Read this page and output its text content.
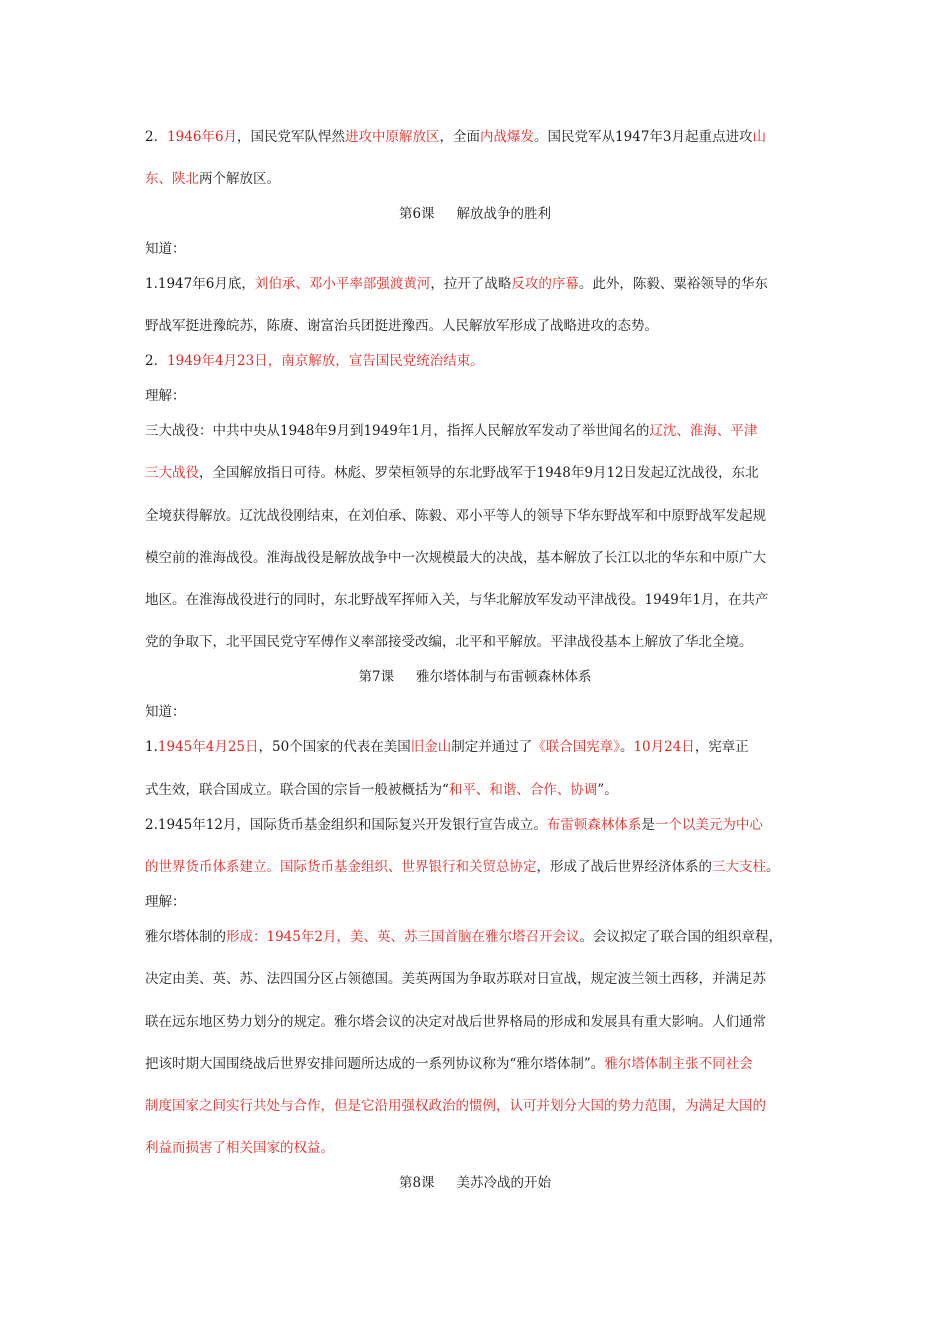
2．1946年6月，国民党军队悍然进攻中原解放区，全面内战爆发。国民党军从1947年3月起重点进攻山
东、陕北两个解放区。
第6课 解放战争的胜利
知道：
1.1947年6月底，刘伯承、邓小平率部强渡黄河，拉开了战略反攻的序幕。此外，陈毅、粟裕领导的华东
野战军挺进豫皖苏，陈赓、谢富治兵团挺进豫西。人民解放军形成了战略进攻的态势。
2．1949年4月23日，南京解放，宣告国民党统治结束。
理解：
三大战役：中共中央从1948年9月到1949年1月，指挥人民解放军发动了举世闻名的辽沈、淮海、平津
三大战役，全国解放指日可待。林彪、罗荣桓领导的东北野战军于1948年9月12日发起辽沈战役，东北
全境获得解放。辽沈战役刚结束，在刘伯承、陈毅、邓小平等人的领导下华东野战军和中原野战军发起规
模空前的淮海战役。淮海战役是解放战争中一次规模最大的决战，基本解放了长江以北的华东和中原广大
地区。在淮海战役进行的同时，东北野战军挥师入关，与华北解放军发动平津战役。1949年1月，在共产
党的争取下，北平国民党守军傅作义率部接受改编，北平和平解放。平津战役基本上解放了华北全境。
第7课 雅尔塔体制与布雷顿森林体系
知道：
1.1945年4月25日，50个国家的代表在美国旧金山制定并通过了《联合国宪章》。10月24日，宪章正
式生效，联合国成立。联合国的宗旨一般被概括为“和平、和谐、合作、协调”。
2.1945年12月，国际货币基金组织和国际复兴开发银行宣告成立。布雷顿森林体系是一个以美元为中心
的世界货币体系建立。国际货币基金组织、世界银行和关贸总协定，形成了战后世界经济体系的三大支柱。
理解：
雅尔塔体制的形成：1945年2月，美、英、苏三国首脑在雅尔塔召开会议。会议拟定了联合国的组织章程，
决定由美、英、苏、法四国分区占领德国。美英两国为争取苏联对日宣战，规定波兰领土西移，并满足苏
联在远东地区势力划分的规定。雅尔塔会议的决定对战后世界格局的形成和发展具有重大影响。人们通常
把该时期大国围绕战后世界安排问题所达成的一系列协议称为“雅尔塔体制”。雅尔塔体制主张不同社会
制度国家之间实行共处与合作，但是它沿用强权政治的惯例，认可并划分大国的势力范围，为满足大国的
利益而损害了相关国家的权益。
第8课 美苏冷战的开始
